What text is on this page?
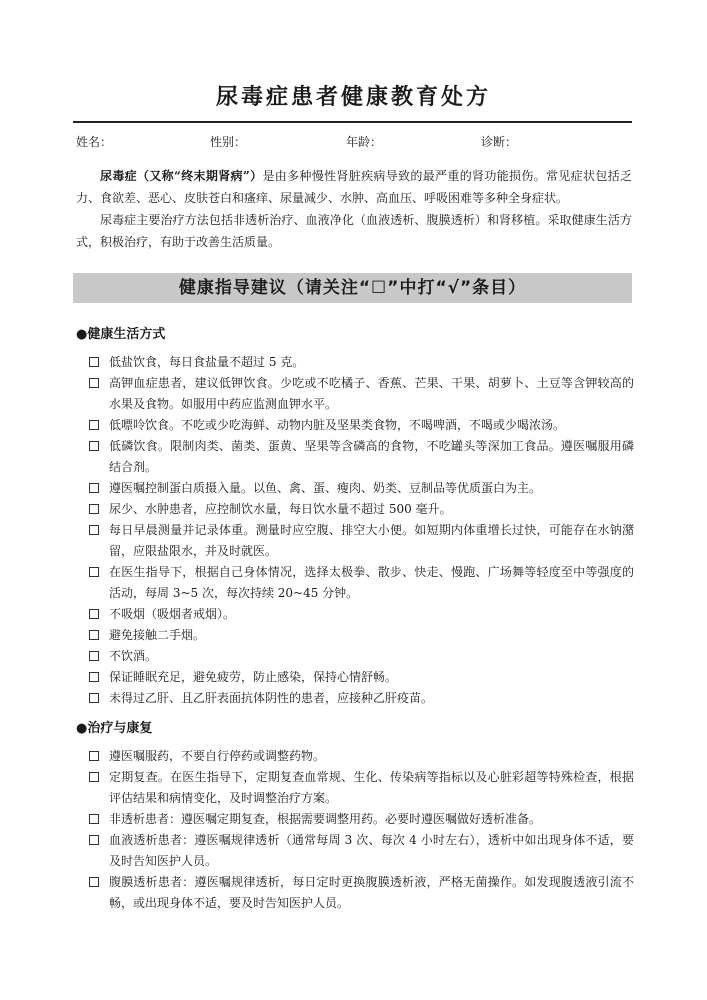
尿毒症患者健康教育处方
姓名：	性别：	年龄：	诊断：

尿毒症（又称“终末期肾病”）是由多种慢性肾脏疾病导致的最严重的肾功能损伤。常见症状包括乏力、食欲差、恶心、皮肤苍白和瘙痒、尿量减少、水肿、高血压、呼吸困难等多种全身症状。

尿毒症主要治疗方法包括非透析治疗、血液净化（血液透析、腹膜透析）和肾移植。采取健康生活方式，积极治疗，有助于改善生活质量。

健康指导建议（请关注“☐”中打“√”条目）
●健康生活方式
低盐饮食，每日食盐量不超过 5 克。
高钾血症患者，建议低钾饮食。少吃或不吃橘子、香蕉、芒果、干果、胡萝卜、土豆等含钾较高的水果及食物。如服用中药应监测血钾水平。
低嘌呤饮食。不吃或少吃海鲜、动物内脏及坚果类食物，不喝啤酒，不喝或少喝浓汤。
低磷饮食。限制肉类、菌类、蛋黄、坚果等含磷高的食物，不吃罐头等深加工食品。遵医嘱服用磷结合剂。
遵医嘱控制蛋白质摄入量。以鱼、禽、蛋、瘦肉、奶类、豆制品等优质蛋白为主。
尿少、水肿患者，应控制饮水量，每日饮水量不超过 500 毫升。
每日早晨测量并记录体重。测量时应空腹、排空大小便。如短期内体重增长过快，可能存在水钠潴留，应限盐限水，并及时就医。
在医生指导下，根据自己身体情况，选择太极拳、散步、快走、慢跑、广场舞等轻度至中等强度的活动，每周 3~5 次，每次持续 20~45 分钟。
不吸烟（吸烟者戒烟）。
避免接触二手烟。
不饮酒。
保证睡眠充足，避免疲劳，防止感染，保持心情舒畅。
未得过乙肝、且乙肝表面抗体阴性的患者，应接种乙肝疫苗。
●治疗与康复
遵医嘱服药，不要自行停药或调整药物。
定期复查。在医生指导下，定期复查血常规、生化、传染病等指标以及心脏彩超等特殊检查，根据评估结果和病情变化，及时调整治疗方案。
非透析患者：遵医嘱定期复查，根据需要调整用药。必要时遵医嘱做好透析准备。
血液透析患者：遵医嘱规律透析（通常每周 3 次、每次 4 小时左右），透析中如出现身体不适，要及时告知医护人员。
腹膜透析患者：遵医嘱规律透析，每日定时更换腹膜透析液，严格无菌操作。如发现腹透液引流不畅，或出现身体不适，要及时告知医护人员。
